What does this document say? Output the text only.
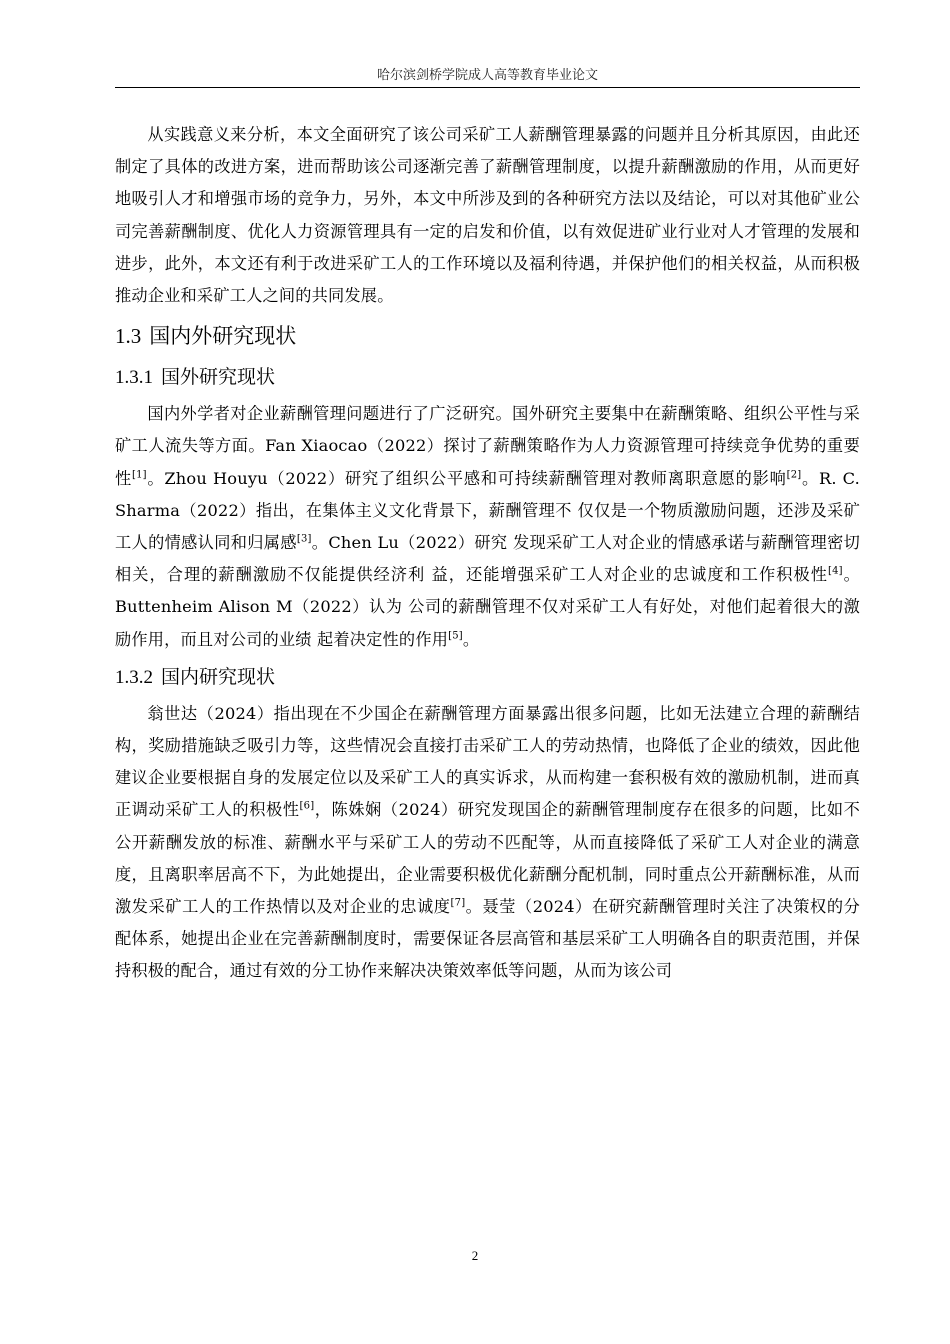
哈尔滨剑桥学院成人高等教育毕业论文

从实践意义来分析，本文全面研究了该公司采矿工人薪酬管理暴露的问题并且分析其原因，由此还制定了具体的改进方案，进而帮助该公司逐渐完善了薪酬管理制度，以提升薪酬激励的作用，从而更好地吸引人才和增强市场的竞争力，另外，本文中所涉及到的各种研究方法以及结论，可以对其他矿业公司完善薪酬制度、优化人力资源管理具有一定的启发和价值，以有效促进矿业行业对人才管理的发展和进步，此外，本文还有利于改进采矿工人的工作环境以及福利待遇，并保护他们的相关权益，从而积极推动企业和采矿工人之间的共同发展。

1.3 国内外研究现状
1.3.1 国外研究现状

国内外学者对企业薪酬管理问题进行了广泛研究。国外研究主要集中在薪酬策略、组织公平性与采矿工人流失等方面。Fan Xiaocao（2022）探讨了薪酬策略作为人力资源管理可持续竞争优势的重要性[1]。Zhou Houyu（2022）研究了组织公平感和可持续薪酬管理对教师离职意愿的影响[2]。R. C. Sharma（2022）指出，在集体主义文化背景下，薪酬管理不 仅仅是一个物质激励问题，还涉及采矿工人的情感认同和归属感[3]。Chen Lu（2022）研究 发现采矿工人对企业的情感承诺与薪酬管理密切相关，合理的薪酬激励不仅能提供经济利 益，还能增强采矿工人对企业的忠诚度和工作积极性[4]。Buttenheim Alison M（2022）认为 公司的薪酬管理不仅对采矿工人有好处，对他们起着很大的激励作用，而且对公司的业绩 起着决定性的作用[5]。

1.3.2 国内研究现状

翁世达（2024）指出现在不少国企在薪酬管理方面暴露出很多问题，比如无法建立合理的薪酬结构，奖励措施缺乏吸引力等，这些情况会直接打击采矿工人的劳动热情，也降低了企业的绩效，因此他建议企业要根据自身的发展定位以及采矿工人的真实诉求，从而构建一套积极有效的激励机制，进而真正调动采矿工人的积极性[6]，陈姝娴（2024）研究发现国企的薪酬管理制度存在很多的问题，比如不公开薪酬发放的标准、薪酬水平与采矿工人的劳动不匹配等，从而直接降低了采矿工人对企业的满意度，且离职率居高不下，为此她提出，企业需要积极优化薪酬分配机制，同时重点公开薪酬标准，从而激发采矿工人的工作热情以及对企业的忠诚度[7]。聂莹（2024）在研究薪酬管理时关注了决策权的分配体系，她提出企业在完善薪酬制度时，需要保证各层高管和基层采矿工人明确各自的职责范围，并保持积极的配合，通过有效的分工协作来解决决策效率低等问题，从而为该公司

2
